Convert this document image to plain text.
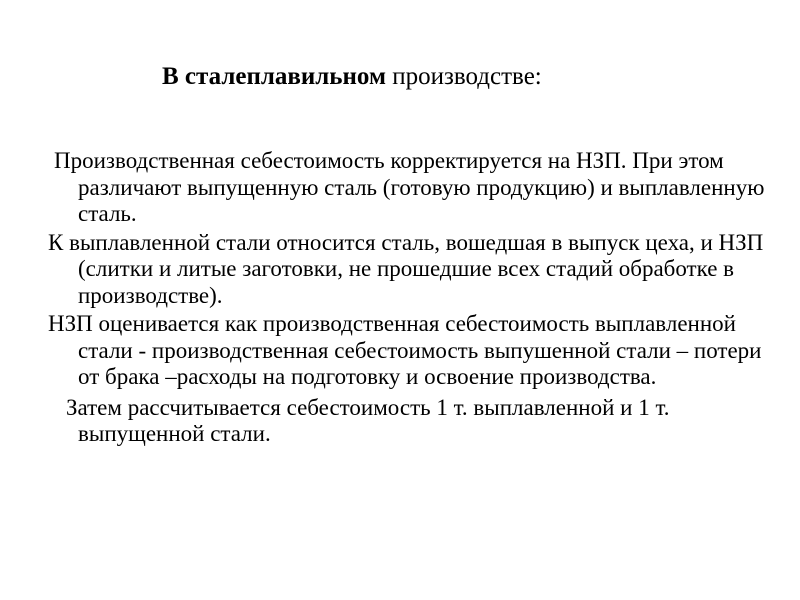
В сталеплавильном производстве:

Производственная себестоимость корректируется на НЗП. При этом различают выпущенную сталь (готовую продукцию) и выплавленную сталь.

К выплавленной стали относится сталь, вошедшая в выпуск цеха, и НЗП (слитки и литые заготовки, не прошедшие всех стадий обработке в производстве).

НЗП оценивается как производственная себестоимость выплавленной стали - производственная себестоимость выпушенной стали – потери от брака –расходы на подготовку и освоение производства.

Затем рассчитывается себестоимость 1 т. выплавленной и 1 т. выпущенной стали.
